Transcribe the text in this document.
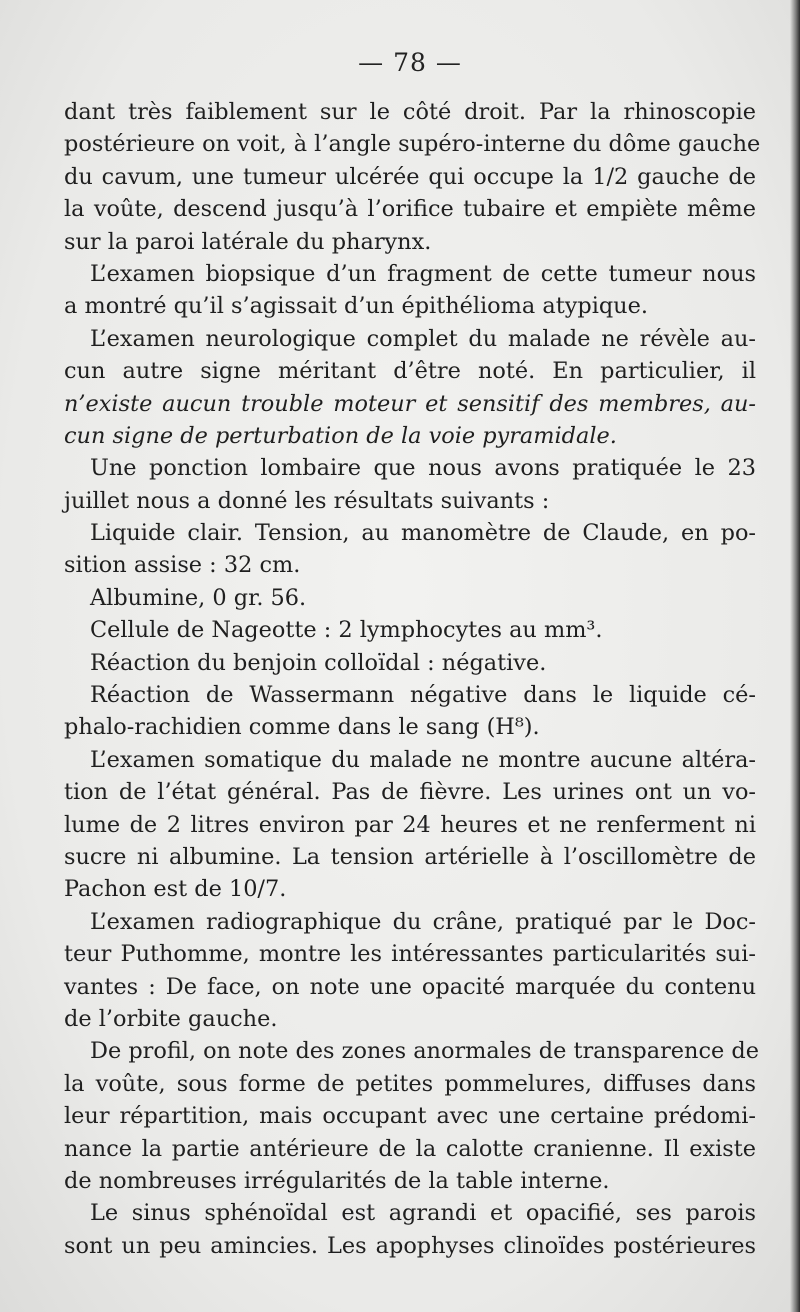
— 78 —
dant très faiblement sur le côté droit. Par la rhinoscopie
postérieure on voit, à l’angle supéro-interne du dôme gauche
du cavum, une tumeur ulcérée qui occupe la 1/2 gauche de
la voûte, descend jusqu’à l’orifice tubaire et empiète même
sur la paroi latérale du pharynx.
L’examen biopsique d’un fragment de cette tumeur nous
a montré qu’il s’agissait d’un épithélioma atypique.
L’examen neurologique complet du malade ne révèle au-
cun autre signe méritant d’être noté. En particulier, il
n’existe aucun trouble moteur et sensitif des membres, au-
cun signe de perturbation de la voie pyramidale.
Une ponction lombaire que nous avons pratiquée le 23
juillet nous a donné les résultats suivants :
Liquide clair. Tension, au manomètre de Claude, en po-
sition assise : 32 cm.
Albumine, 0 gr. 56.
Cellule de Nageotte : 2 lymphocytes au mm³.
Réaction du benjoin colloïdal : négative.
Réaction de Wassermann négative dans le liquide cé-
phalo-rachidien comme dans le sang (H⁸).
L’examen somatique du malade ne montre aucune altéra-
tion de l’état général. Pas de fièvre. Les urines ont un vo-
lume de 2 litres environ par 24 heures et ne renferment ni
sucre ni albumine. La tension artérielle à l’oscillomètre de
Pachon est de 10/7.
L’examen radiographique du crâne, pratiqué par le Doc-
teur Puthomme, montre les intéressantes particularités sui-
vantes : De face, on note une opacité marquée du contenu
de l’orbite gauche.
De profil, on note des zones anormales de transparence de
la voûte, sous forme de petites pommelures, diffuses dans
leur répartition, mais occupant avec une certaine prédomi-
nance la partie antérieure de la calotte cranienne. Il existe
de nombreuses irrégularités de la table interne.
Le sinus sphénoïdal est agrandi et opacifié, ses parois
sont un peu amincies. Les apophyses clinoïdes postérieures
